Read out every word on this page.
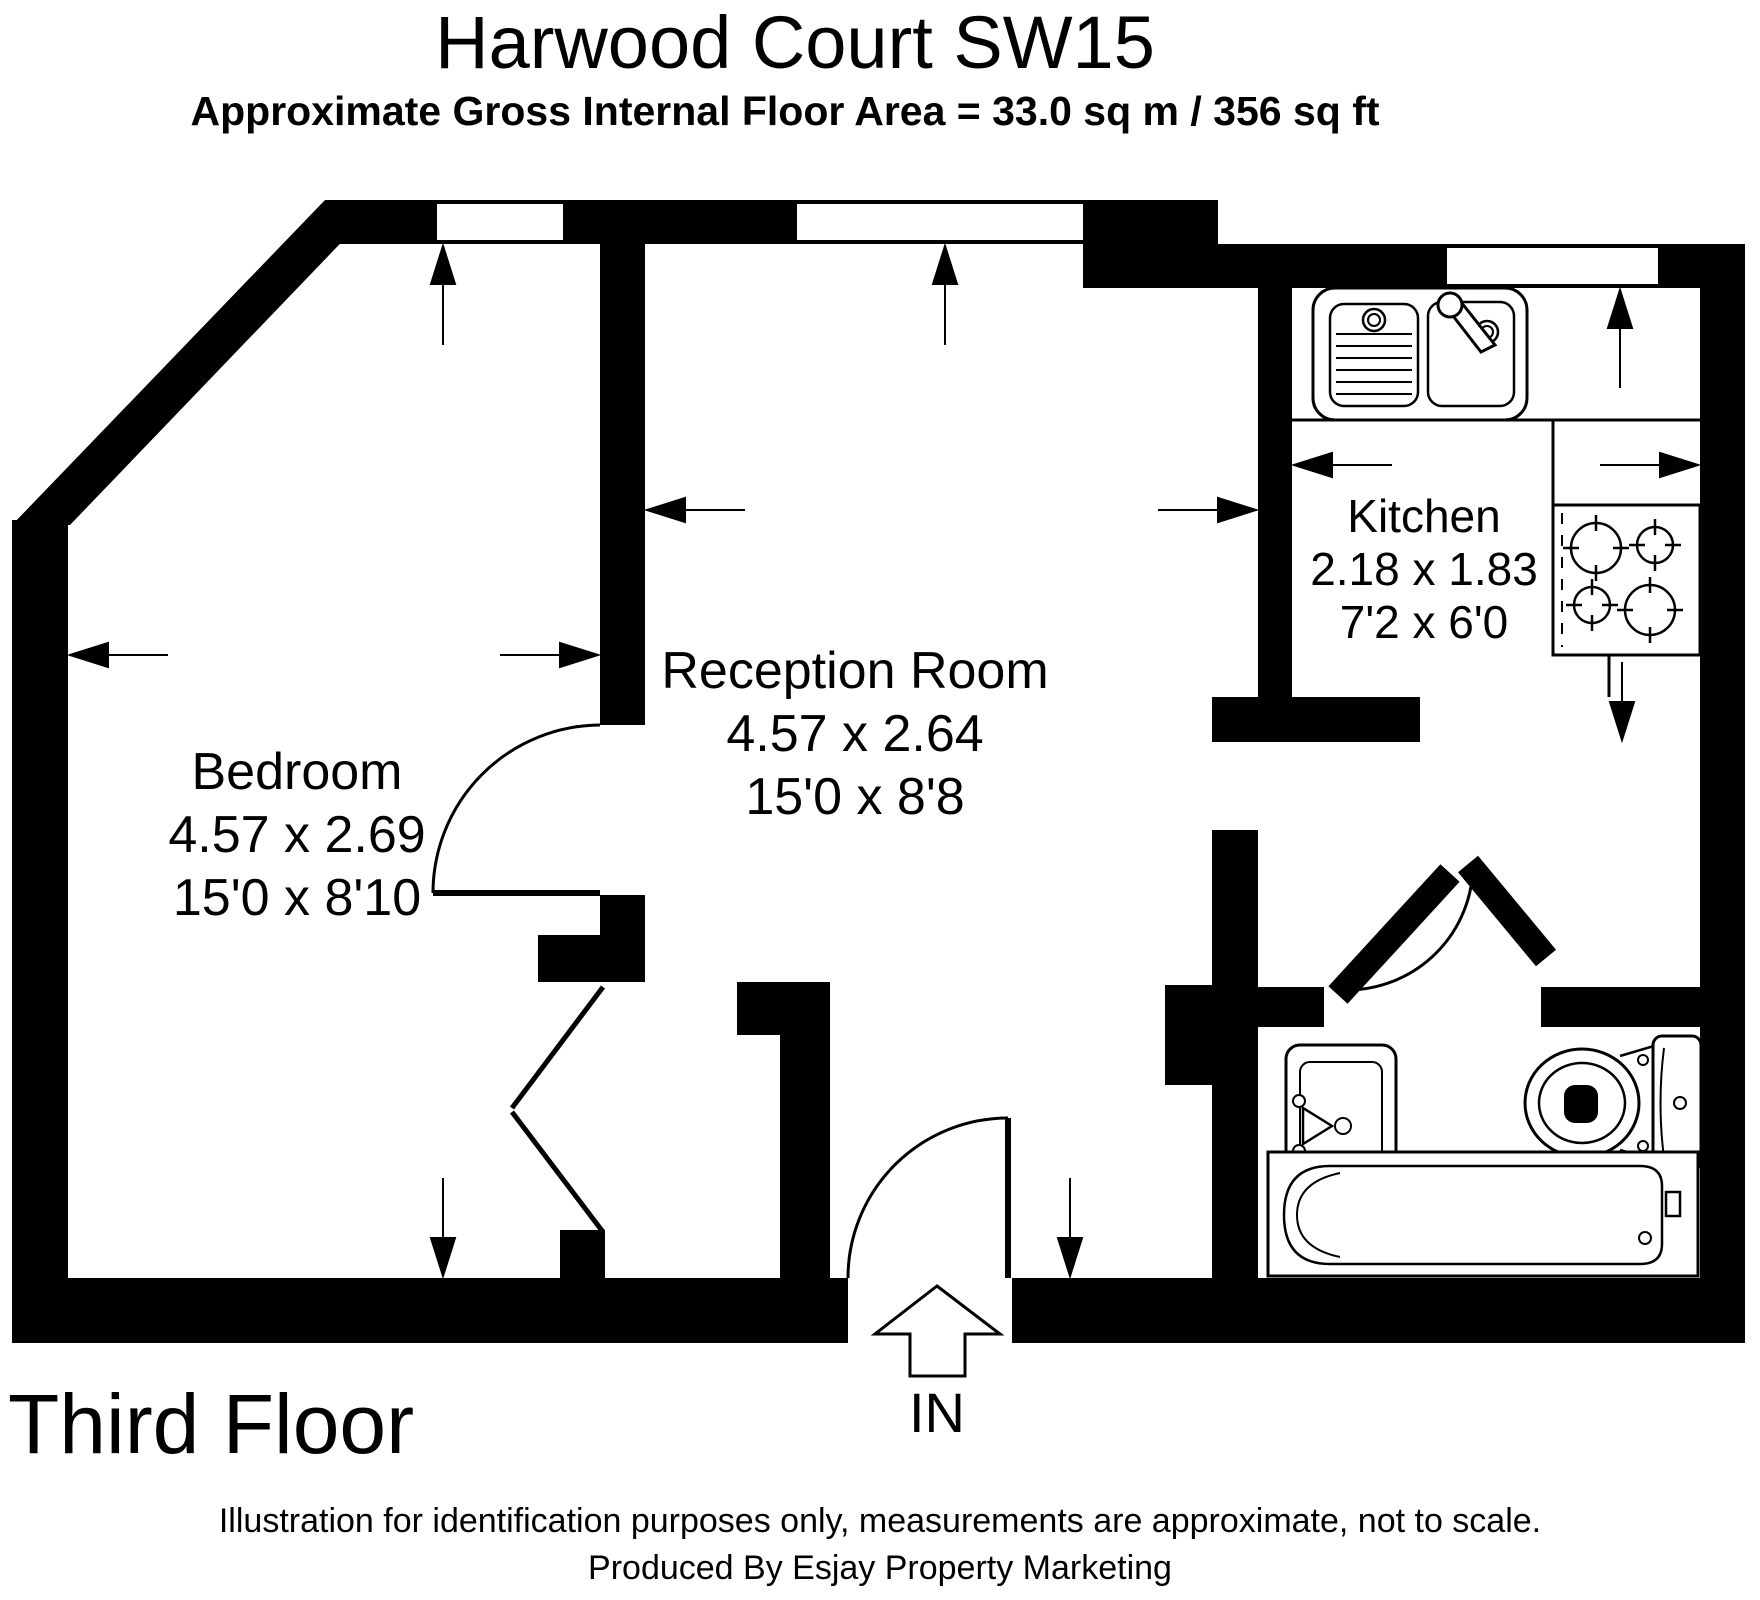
Harwood Court SW15
Approximate Gross Internal Floor Area = 33.0 sq m / 356 sq ft
Bedroom
4.57 x 2.69
15'0 x 8'10
Reception Room
4.57 x 2.64
15'0 x 8'8
Kitchen
2.18 x 1.83
7'2 x 6'0
Third Floor	IN
Illustration for identification purposes only, measurements are approximate, not to scale.
Produced By Esjay Property Marketing
